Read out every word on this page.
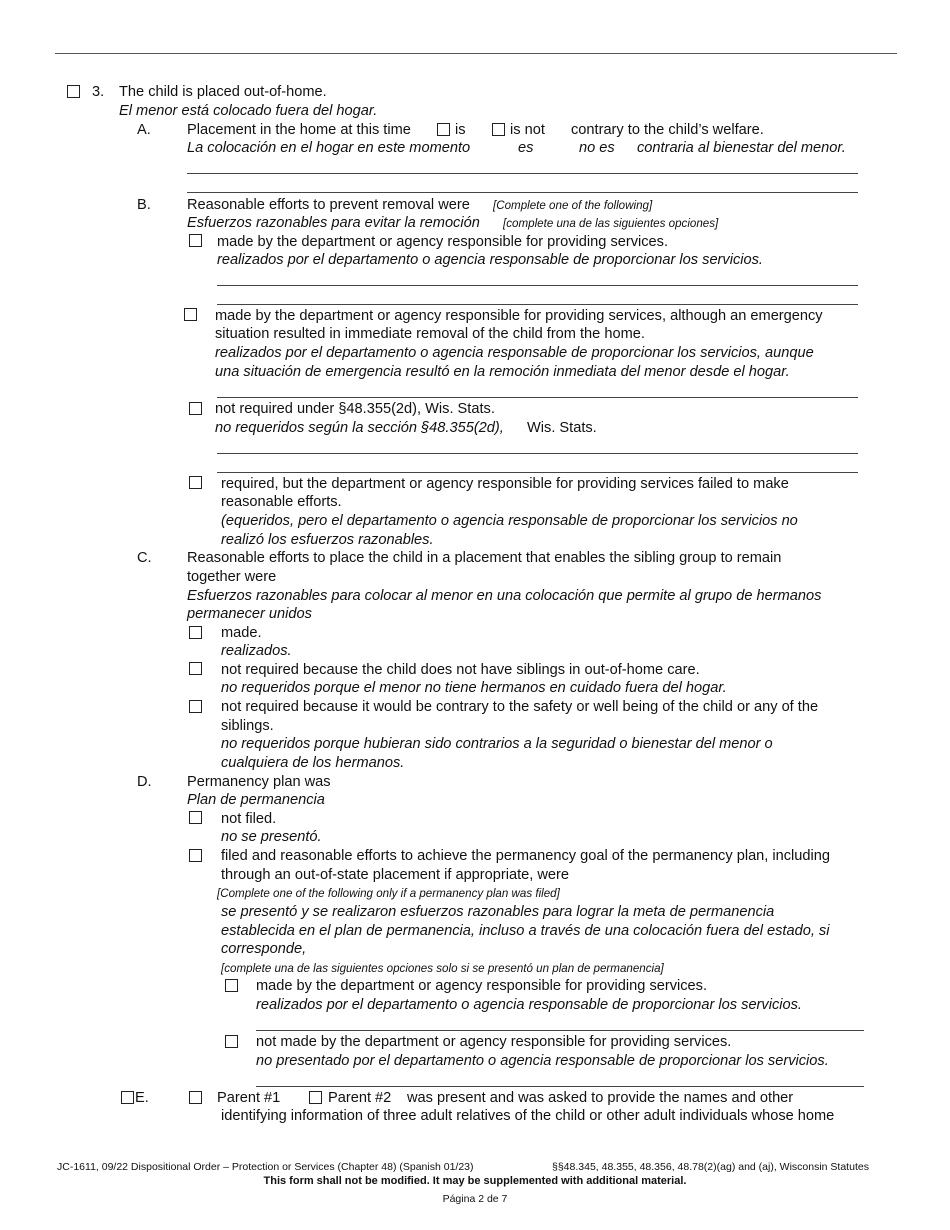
3. The child is placed out-of-home.
El menor está colocado fuera del hogar.
A. Placement in the home at this time	is	is not contrary to the child’s welfare.
La colocación en el hogar en este momento	es	no es contraria al bienestar del menor.
B. Reasonable efforts to prevent removal were [Complete one of the following]
Esfuerzos razonables para evitar la remoción [complete una de las siguientes opciones]
made by the department or agency responsible for providing services.
realizados por el departamento o agencia responsable de proporcionar los servicios.
made by the department or agency responsible for providing services, although an emergency
situation resulted in immediate removal of the child from the home.
realizados por el departamento o agencia responsable de proporcionar los servicios, aunque
una situación de emergencia resultó en la remoción inmediata del menor desde el hogar.
not required under §48.355(2d), Wis. Stats.
no requeridos según la sección §48.355(2d), Wis. Stats.
required, but the department or agency responsible for providing services failed to make
reasonable efforts.
(equeridos, pero el departamento o agencia responsable de proporcionar los servicios no
realizó los esfuerzos razonables.
C. Reasonable efforts to place the child in a placement that enables the sibling group to remain
together were
Esfuerzos razonables para colocar al menor en una colocación que permite al grupo de hermanos
permanecer unidos
made.
realizados.
not required because the child does not have siblings in out-of-home care.
no requeridos porque el menor no tiene hermanos en cuidado fuera del hogar.
not required because it would be contrary to the safety or well being of the child or any of the
siblings.
no requeridos porque hubieran sido contrarios a la seguridad o bienestar del menor o
cualquiera de los hermanos.
D. Permanency plan was
Plan de permanencia
not filed.
no se presentó.
filed and reasonable efforts to achieve the permanency goal of the permanency plan, including
through an out-of-state placement if appropriate, were
[Complete one of the following only if a permanency plan was filed]
se presentó y se realizaron esfuerzos razonables para lograr la meta de permanencia
establecida en el plan de permanencia, incluso a través de una colocación fuera del estado, si
corresponde,
[complete una de las siguientes opciones solo si se presentó un plan de permanencia]
made by the department or agency responsible for providing services.
realizados por el departamento o agencia responsable de proporcionar los servicios.
not made by the department or agency responsible for providing services.
no presentado por el departamento o agencia responsable de proporcionar los servicios.
E.	Parent #1	Parent #2 was present and was asked to provide the names and other
identifying information of three adult relatives of the child or other adult individuals whose home
JC-1611, 09/22 Dispositional Order – Protection or Services (Chapter 48) (Spanish 01/23)	§§48.345, 48.355, 48.356, 48.78(2)(ag) and (aj), Wisconsin Statutes
This form shall not be modified. It may be supplemented with additional material.
Página 2 de 7
